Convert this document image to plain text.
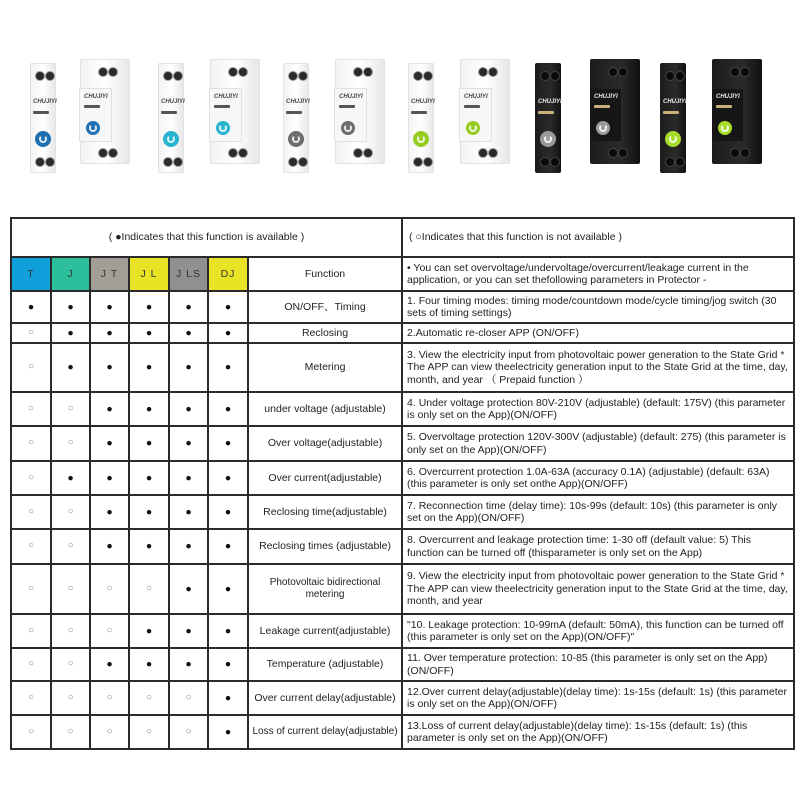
CHUJIYI
CHUJIYI
CHUJIYI
CHUJIYI
CHUJIYI
CHUJIYI
CHUJIYI
CHUJIYI
CHUJIYI
CHUJIYI
CHUJIYI
CHUJIYI
( ●Indicates that this function is available )							( ○Indicates that this function is not available )
T	J	J T	J L	J LS	DJ	Function	• You can set overvoltage/undervoltage/overcurrent/leakage current in the application, or you can set thefollowing parameters in Protector -
●	●	●	●	●	●	ON/OFF、Timing	1. Four timing modes: timing mode/countdown mode/cycle timing/jog switch (30 sets of timing settings)
○	●	●	●	●	●	Reclosing	2.Automatic re-closer APP (ON/OFF)
○	●	●	●	●	●	Metering	3. View the electricity input from photovoltaic power generation to the State Grid * The APP can view theelectricity generation input to the State Grid at the time, day, month, and year （ Prepaid function ）
○	○	●	●	●	●	under voltage (adjustable)	4. Under voltage protection 80V-210V (adjustable) (default: 175V) (this parameter is only set on the App)(ON/OFF)
○	○	●	●	●	●	Over voltage(adjustable)	5. Overvoltage protection 120V-300V (adjustable) (default: 275) (this parameter is only set on the App)(ON/OFF)
○	●	●	●	●	●	Over current(adjustable)	6. Overcurrent protection 1.0A-63A (accuracy 0.1A) (adjustable) (default: 63A) (this parameter is only set onthe App)(ON/OFF)
○	○	●	●	●	●	Reclosing time(adjustable)	7. Reconnection time (delay time): 10s-99s (default: 10s) (this parameter is only set on the App)(ON/OFF)
○	○	●	●	●	●	Reclosing times (adjustable)	8. Overcurrent and leakage protection time: 1-30 off (default value: 5) This function can be turned off (thisparameter is only set on the App)
○	○	○	○	●	●	Photovoltaic bidirectional metering	9. View the electricity input from photovoltaic power generation to the State Grid * The APP can view theelectricity generation input to the State Grid at the time, day, month, and year
○	○	○	●	●	●	Leakage current(adjustable)	"10. Leakage protection: 10-99mA (default: 50mA), this function can be turned off (this parameter is only set on the App)(ON/OFF)"
○	○	●	●	●	●	Temperature (adjustable)	11. Over temperature protection: 10-85 (this parameter is only set on the App)(ON/OFF)
○	○	○	○	○	●	Over current delay(adjustable)	12.Over current delay(adjustable)(delay time): 1s-15s (default: 1s) (this parameter is only set on the App)(ON/OFF)
○	○	○	○	○	●	Loss of current delay(adjustable)	13.Loss of current delay(adjustable)(delay time): 1s-15s (default: 1s) (this parameter is only set on the App)(ON/OFF)
